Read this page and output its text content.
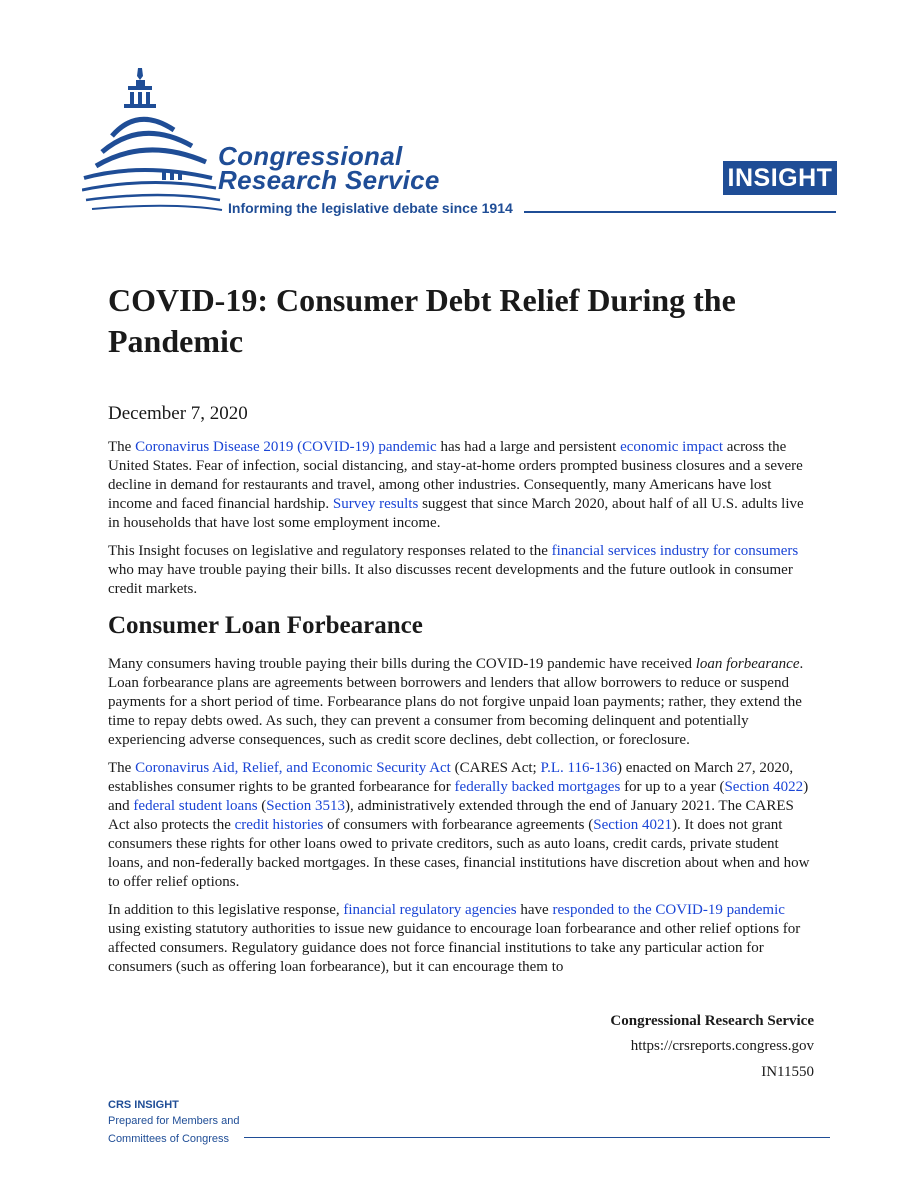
Congressional
Research Service
Informing the legislative debate since 1914
INSIGHT
COVID-19: Consumer Debt Relief During the Pandemic
December 7, 2020

The Coronavirus Disease 2019 (COVID-19) pandemic has had a large and persistent economic impact across the United States. Fear of infection, social distancing, and stay-at-home orders prompted business closures and a severe decline in demand for restaurants and travel, among other industries. Consequently, many Americans have lost income and faced financial hardship. Survey results suggest that since March 2020, about half of all U.S. adults live in households that have lost some employment income.

This Insight focuses on legislative and regulatory responses related to the financial services industry for consumers who may have trouble paying their bills. It also discusses recent developments and the future outlook in consumer credit markets.

Consumer Loan Forbearance

Many consumers having trouble paying their bills during the COVID-19 pandemic have received loan forbearance. Loan forbearance plans are agreements between borrowers and lenders that allow borrowers to reduce or suspend payments for a short period of time. Forbearance plans do not forgive unpaid loan payments; rather, they extend the time to repay debts owed. As such, they can prevent a consumer from becoming delinquent and potentially experiencing adverse consequences, such as credit score declines, debt collection, or foreclosure.

The Coronavirus Aid, Relief, and Economic Security Act (CARES Act; P.L. 116-136) enacted on March 27, 2020, establishes consumer rights to be granted forbearance for federally backed mortgages for up to a year (Section 4022) and federal student loans (Section 3513), administratively extended through the end of January 2021. The CARES Act also protects the credit histories of consumers with forbearance agreements (Section 4021). It does not grant consumers these rights for other loans owed to private creditors, such as auto loans, credit cards, private student loans, and non-federally backed mortgages. In these cases, financial institutions have discretion about when and how to offer relief options.

In addition to this legislative response, financial regulatory agencies have responded to the COVID-19 pandemic using existing statutory authorities to issue new guidance to encourage loan forbearance and other relief options for affected consumers. Regulatory guidance does not force financial institutions to take any particular action for consumers (such as offering loan forbearance), but it can encourage them to

Congressional Research Service
https://crsreports.congress.gov
IN11550
CRS INSIGHT
Prepared for Members and Committees of Congress
